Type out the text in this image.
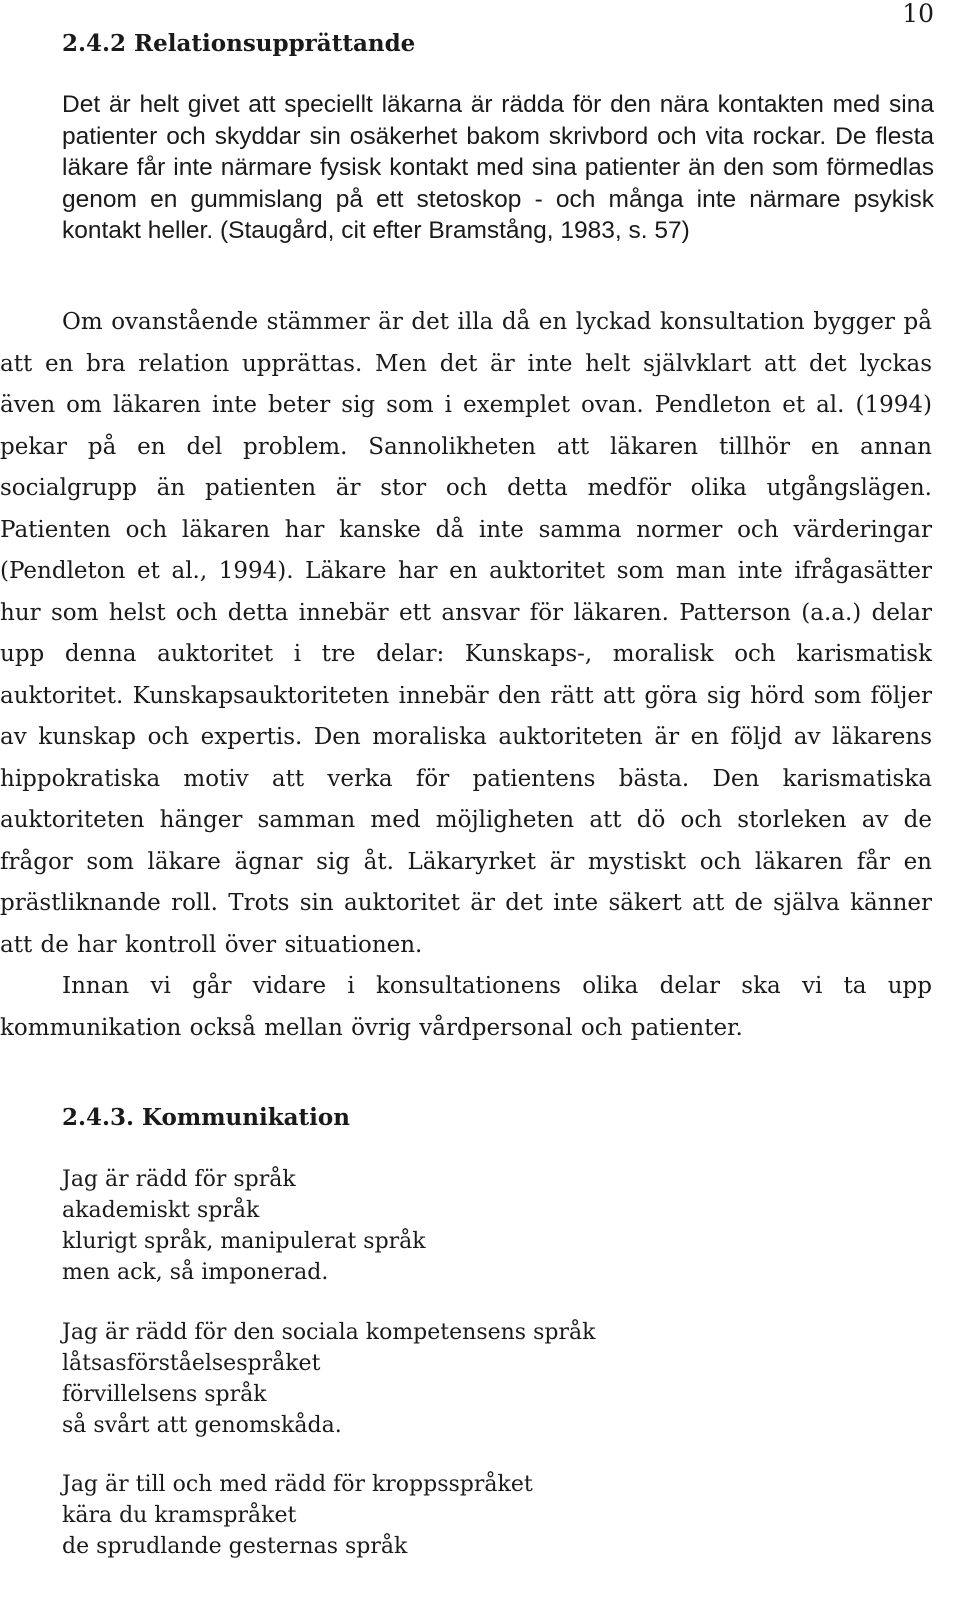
10
2.4.2 Relationsupprättande

Det är helt givet att speciellt läkarna är rädda för den nära kontakten med sina patienter och skyddar sin osäkerhet bakom skrivbord och vita rockar. De flesta läkare får inte närmare fysisk kontakt med sina patienter än den som förmedlas genom en gummislang på ett stetoskop - och många inte närmare psykisk kontakt heller. (Staugård, cit efter Bramstång, 1983, s. 57)

Om ovanstående stämmer är det illa då en lyckad konsultation bygger på att en bra relation upprättas. Men det är inte helt självklart att det lyckas även om läkaren inte beter sig som i exemplet ovan. Pendleton et al. (1994) pekar på en del problem. Sannolikheten att läkaren tillhör en annan socialgrupp än patienten är stor och detta medför olika utgångslägen. Patienten och läkaren har kanske då inte samma normer och värderingar (Pendleton et al., 1994). Läkare har en auktoritet som man inte ifrågasätter hur som helst och detta innebär ett ansvar för läkaren. Patterson (a.a.) delar upp denna auktoritet i tre delar: Kunskaps-, moralisk och karismatisk auktoritet. Kunskapsauktoriteten innebär den rätt att göra sig hörd som följer av kunskap och expertis. Den moraliska auktoriteten är en följd av läkarens hippokratiska motiv att verka för patientens bästa. Den karismatiska auktoriteten hänger samman med möjligheten att dö och storleken av de frågor som läkare ägnar sig åt. Läkaryrket är mystiskt och läkaren får en prästliknande roll. Trots sin auktoritet är det inte säkert att de själva känner att de har kontroll över situationen.

Innan vi går vidare i konsultationens olika delar ska vi ta upp kommunikation också mellan övrig vårdpersonal och patienter.

2.4.3. Kommunikation
Jag är rädd för språk
akademiskt språk
klurigt språk, manipulerat språk
men ack, så imponerad.
Jag är rädd för den sociala kompetensens språk
låtsasförståelsespråket
förvillelsens språk
så svårt att genomskåda.
Jag är till och med rädd för kroppsspråket
kära du kramspråket
de sprudlande gesternas språk
